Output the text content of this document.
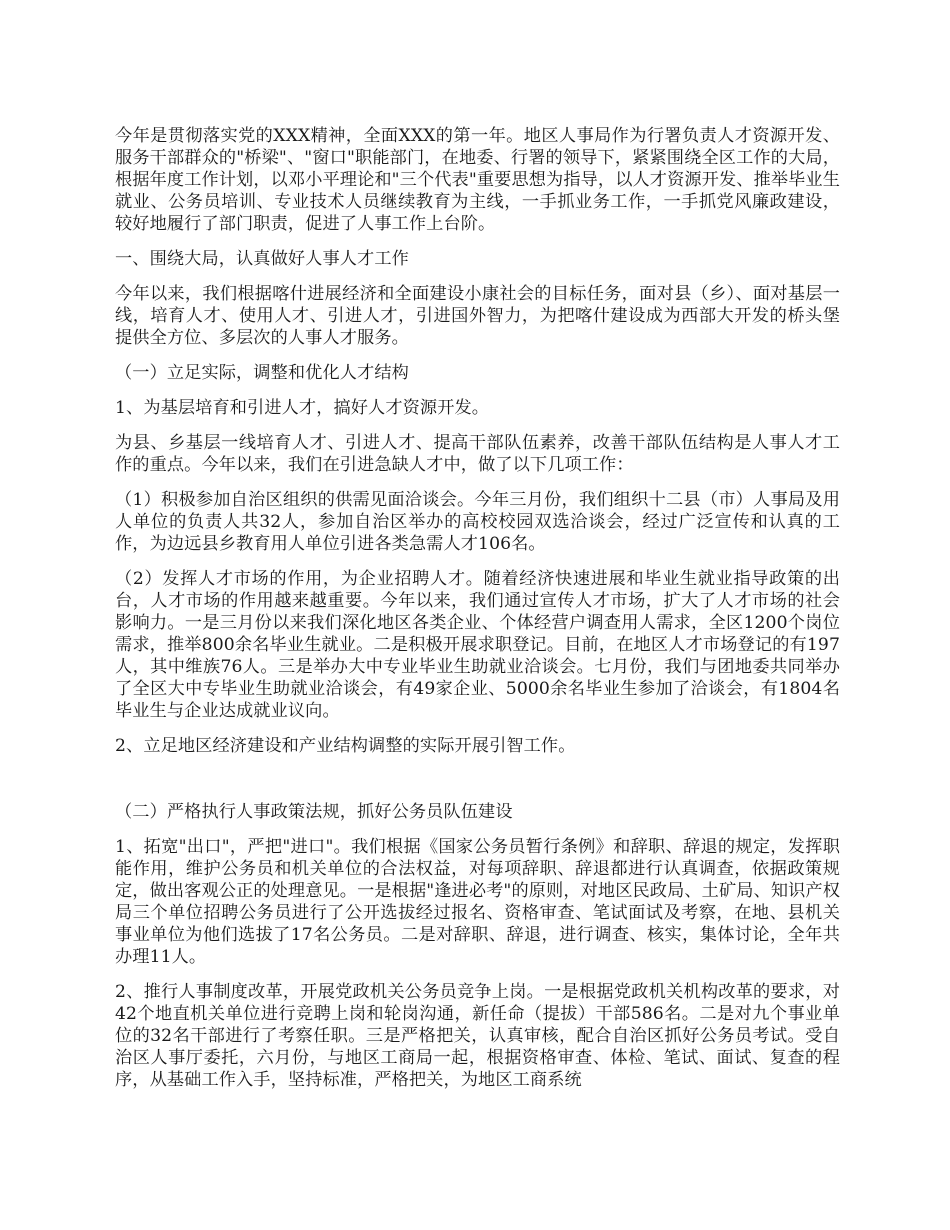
今年是贯彻落实党的XXX精神，全面XXX的第一年。地区人事局作为行署负责人才资源开发、服务干部群众的"桥梁"、"窗口"职能部门，在地委、行署的领导下，紧紧围绕全区工作的大局，根据年度工作计划，以邓小平理论和"三个代表"重要思想为指导，以人才资源开发、推举毕业生就业、公务员培训、专业技术人员继续教育为主线，一手抓业务工作，一手抓党风廉政建设，较好地履行了部门职责，促进了人事工作上台阶。

一、围绕大局，认真做好人事人才工作

今年以来，我们根据喀什进展经济和全面建设小康社会的目标任务，面对县（乡）、面对基层一线，培育人才、使用人才、引进人才，引进国外智力，为把喀什建设成为西部大开发的桥头堡提供全方位、多层次的人事人才服务。

（一）立足实际，调整和优化人才结构

1、为基层培育和引进人才，搞好人才资源开发。

为县、乡基层一线培育人才、引进人才、提高干部队伍素养，改善干部队伍结构是人事人才工作的重点。今年以来，我们在引进急缺人才中，做了以下几项工作：

（1）积极参加自治区组织的供需见面洽谈会。今年三月份，我们组织十二县（市）人事局及用人单位的负责人共32人，参加自治区举办的高校校园双选洽谈会，经过广泛宣传和认真的工作，为边远县乡教育用人单位引进各类急需人才106名。

（2）发挥人才市场的作用，为企业招聘人才。随着经济快速进展和毕业生就业指导政策的出台，人才市场的作用越来越重要。今年以来，我们通过宣传人才市场，扩大了人才市场的社会影响力。一是三月份以来我们深化地区各类企业、个体经营户调查用人需求，全区1200个岗位需求，推举800余名毕业生就业。二是积极开展求职登记。目前，在地区人才市场登记的有197人，其中维族76人。三是举办大中专业毕业生助就业洽谈会。七月份，我们与团地委共同举办了全区大中专毕业生助就业洽谈会，有49家企业、5000余名毕业生参加了洽谈会，有1804名毕业生与企业达成就业议向。

2、立足地区经济建设和产业结构调整的实际开展引智工作。

（二）严格执行人事政策法规，抓好公务员队伍建设

1、拓宽"出口"，严把"进口"。我们根据《国家公务员暂行条例》和辞职、辞退的规定，发挥职能作用，维护公务员和机关单位的合法权益，对每项辞职、辞退都进行认真调查，依据政策规定，做出客观公正的处理意见。一是根据"逢进必考"的原则，对地区民政局、土矿局、知识产权局三个单位招聘公务员进行了公开选拔经过报名、资格审查、笔试面试及考察，在地、县机关事业单位为他们选拔了17名公务员。二是对辞职、辞退，进行调查、核实，集体讨论，全年共办理11人。

2、推行人事制度改革，开展党政机关公务员竞争上岗。一是根据党政机关机构改革的要求，对42个地直机关单位进行竞聘上岗和轮岗沟通，新任命（提拔）干部586名。二是对九个事业单位的32名干部进行了考察任职。三是严格把关，认真审核，配合自治区抓好公务员考试。受自治区人事厅委托，六月份，与地区工商局一起，根据资格审查、体检、笔试、面试、复查的程序，从基础工作入手，坚持标准，严格把关，为地区工商系统
